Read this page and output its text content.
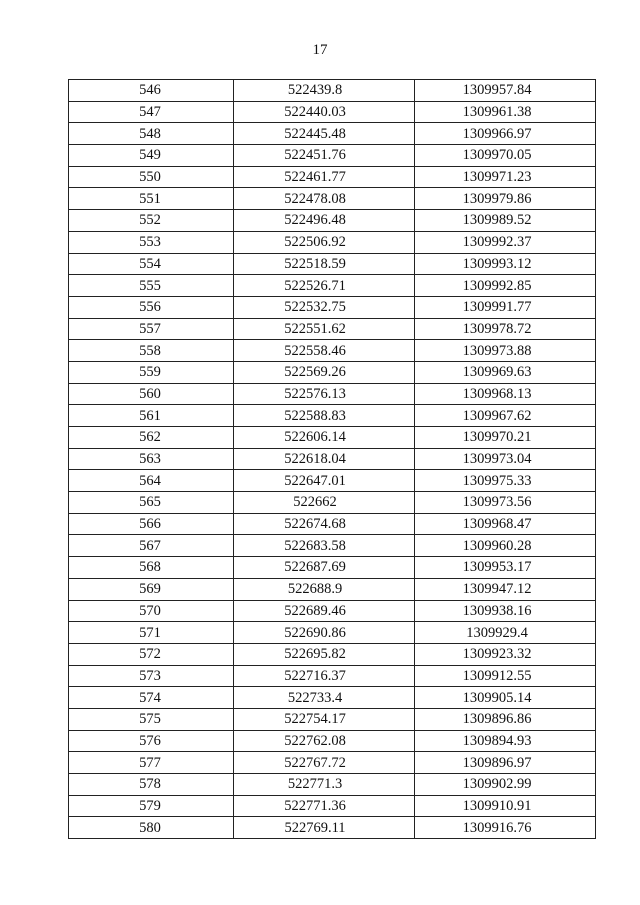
17
546	522439.8	1309957.84
547	522440.03	1309961.38
548	522445.48	1309966.97
549	522451.76	1309970.05
550	522461.77	1309971.23
551	522478.08	1309979.86
552	522496.48	1309989.52
553	522506.92	1309992.37
554	522518.59	1309993.12
555	522526.71	1309992.85
556	522532.75	1309991.77
557	522551.62	1309978.72
558	522558.46	1309973.88
559	522569.26	1309969.63
560	522576.13	1309968.13
561	522588.83	1309967.62
562	522606.14	1309970.21
563	522618.04	1309973.04
564	522647.01	1309975.33
565	522662	1309973.56
566	522674.68	1309968.47
567	522683.58	1309960.28
568	522687.69	1309953.17
569	522688.9	1309947.12
570	522689.46	1309938.16
571	522690.86	1309929.4
572	522695.82	1309923.32
573	522716.37	1309912.55
574	522733.4	1309905.14
575	522754.17	1309896.86
576	522762.08	1309894.93
577	522767.72	1309896.97
578	522771.3	1309902.99
579	522771.36	1309910.91
580	522769.11	1309916.76
